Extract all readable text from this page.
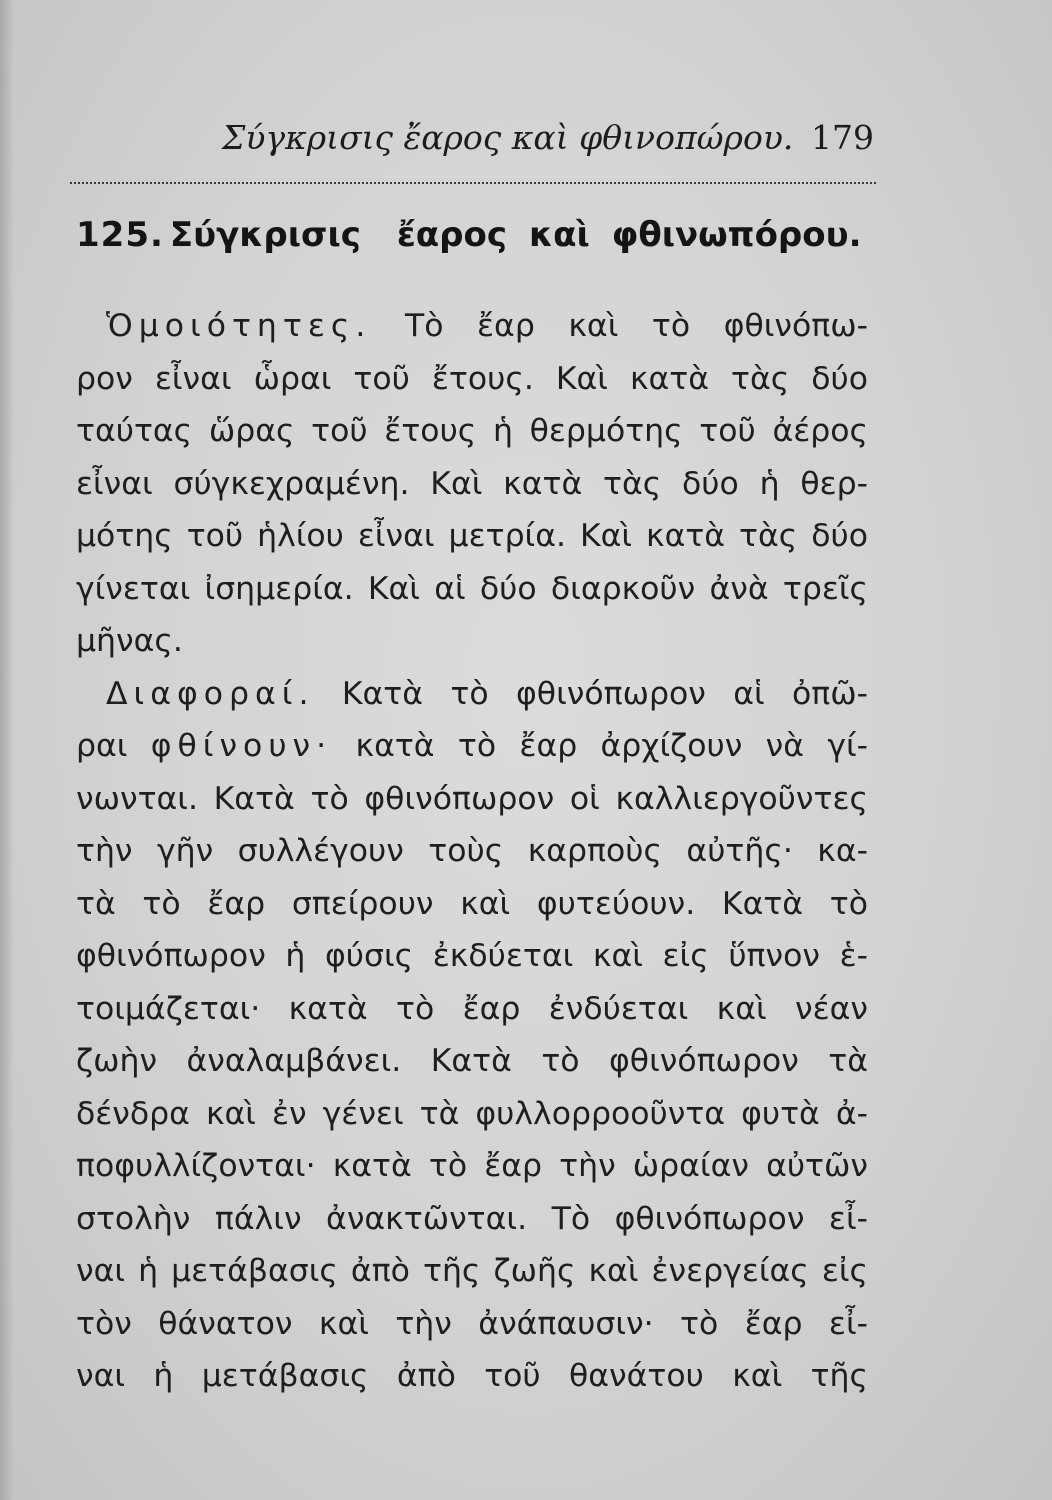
Σύγκρισις ἔαρος καὶ φθινοπώρου. 179
125. Σύγκρισις ἔαρος καὶ φθινωπόρου.
Ὁμοιότητες. Τὸ ἔαρ καὶ τὸ φθινόπω-
ρον εἶναι ὧραι τοῦ ἔτους. Καὶ κατὰ τὰς δύο
ταύτας ὥρας τοῦ ἔτους ἡ θερμότης τοῦ ἀέρος
εἶναι σύγκεχραμένη. Καὶ κατὰ τὰς δύο ἡ θερ-
μότης τοῦ ἡλίου εἶναι μετρία. Καὶ κατὰ τὰς δύο
γίνεται ἰσημερία. Καὶ αἱ δύο διαρκοῦν ἀνὰ τρεῖς
μῆνας.
Διαφοραί. Κατὰ τὸ φθινόπωρον αἱ ὀπῶ-
ραι φθίνουν· κατὰ τὸ ἔαρ ἀρχίζουν νὰ γί-
νωνται. Κατὰ τὸ φθινόπωρον οἱ καλλιεργοῦντες
τὴν γῆν συλλέγουν τοὺς καρποὺς αὐτῆς· κα-
τὰ τὸ ἔαρ σπείρουν καὶ φυτεύουν. Κατὰ τὸ
φθινόπωρον ἡ φύσις ἐκδύεται καὶ εἰς ὕπνον ἑ-
τοιμάζεται· κατὰ τὸ ἔαρ ἐνδύεται καὶ νέαν
ζωὴν ἀναλαμβάνει. Κατὰ τὸ φθινόπωρον τὰ
δένδρα καὶ ἐν γένει τὰ φυλλορροοῦντα φυτὰ ἀ-
ποφυλλίζονται· κατὰ τὸ ἔαρ τὴν ὡραίαν αὐτῶν
στολὴν πάλιν ἀνακτῶνται. Τὸ φθινόπωρον εἶ-
ναι ἡ μετάβασις ἀπὸ τῆς ζωῆς καὶ ἐνεργείας εἰς
τὸν θάνατον καὶ τὴν ἀνάπαυσιν· τὸ ἔαρ εἶ-
ναι ἡ μετάβασις ἀπὸ τοῦ θανάτου καὶ τῆς
